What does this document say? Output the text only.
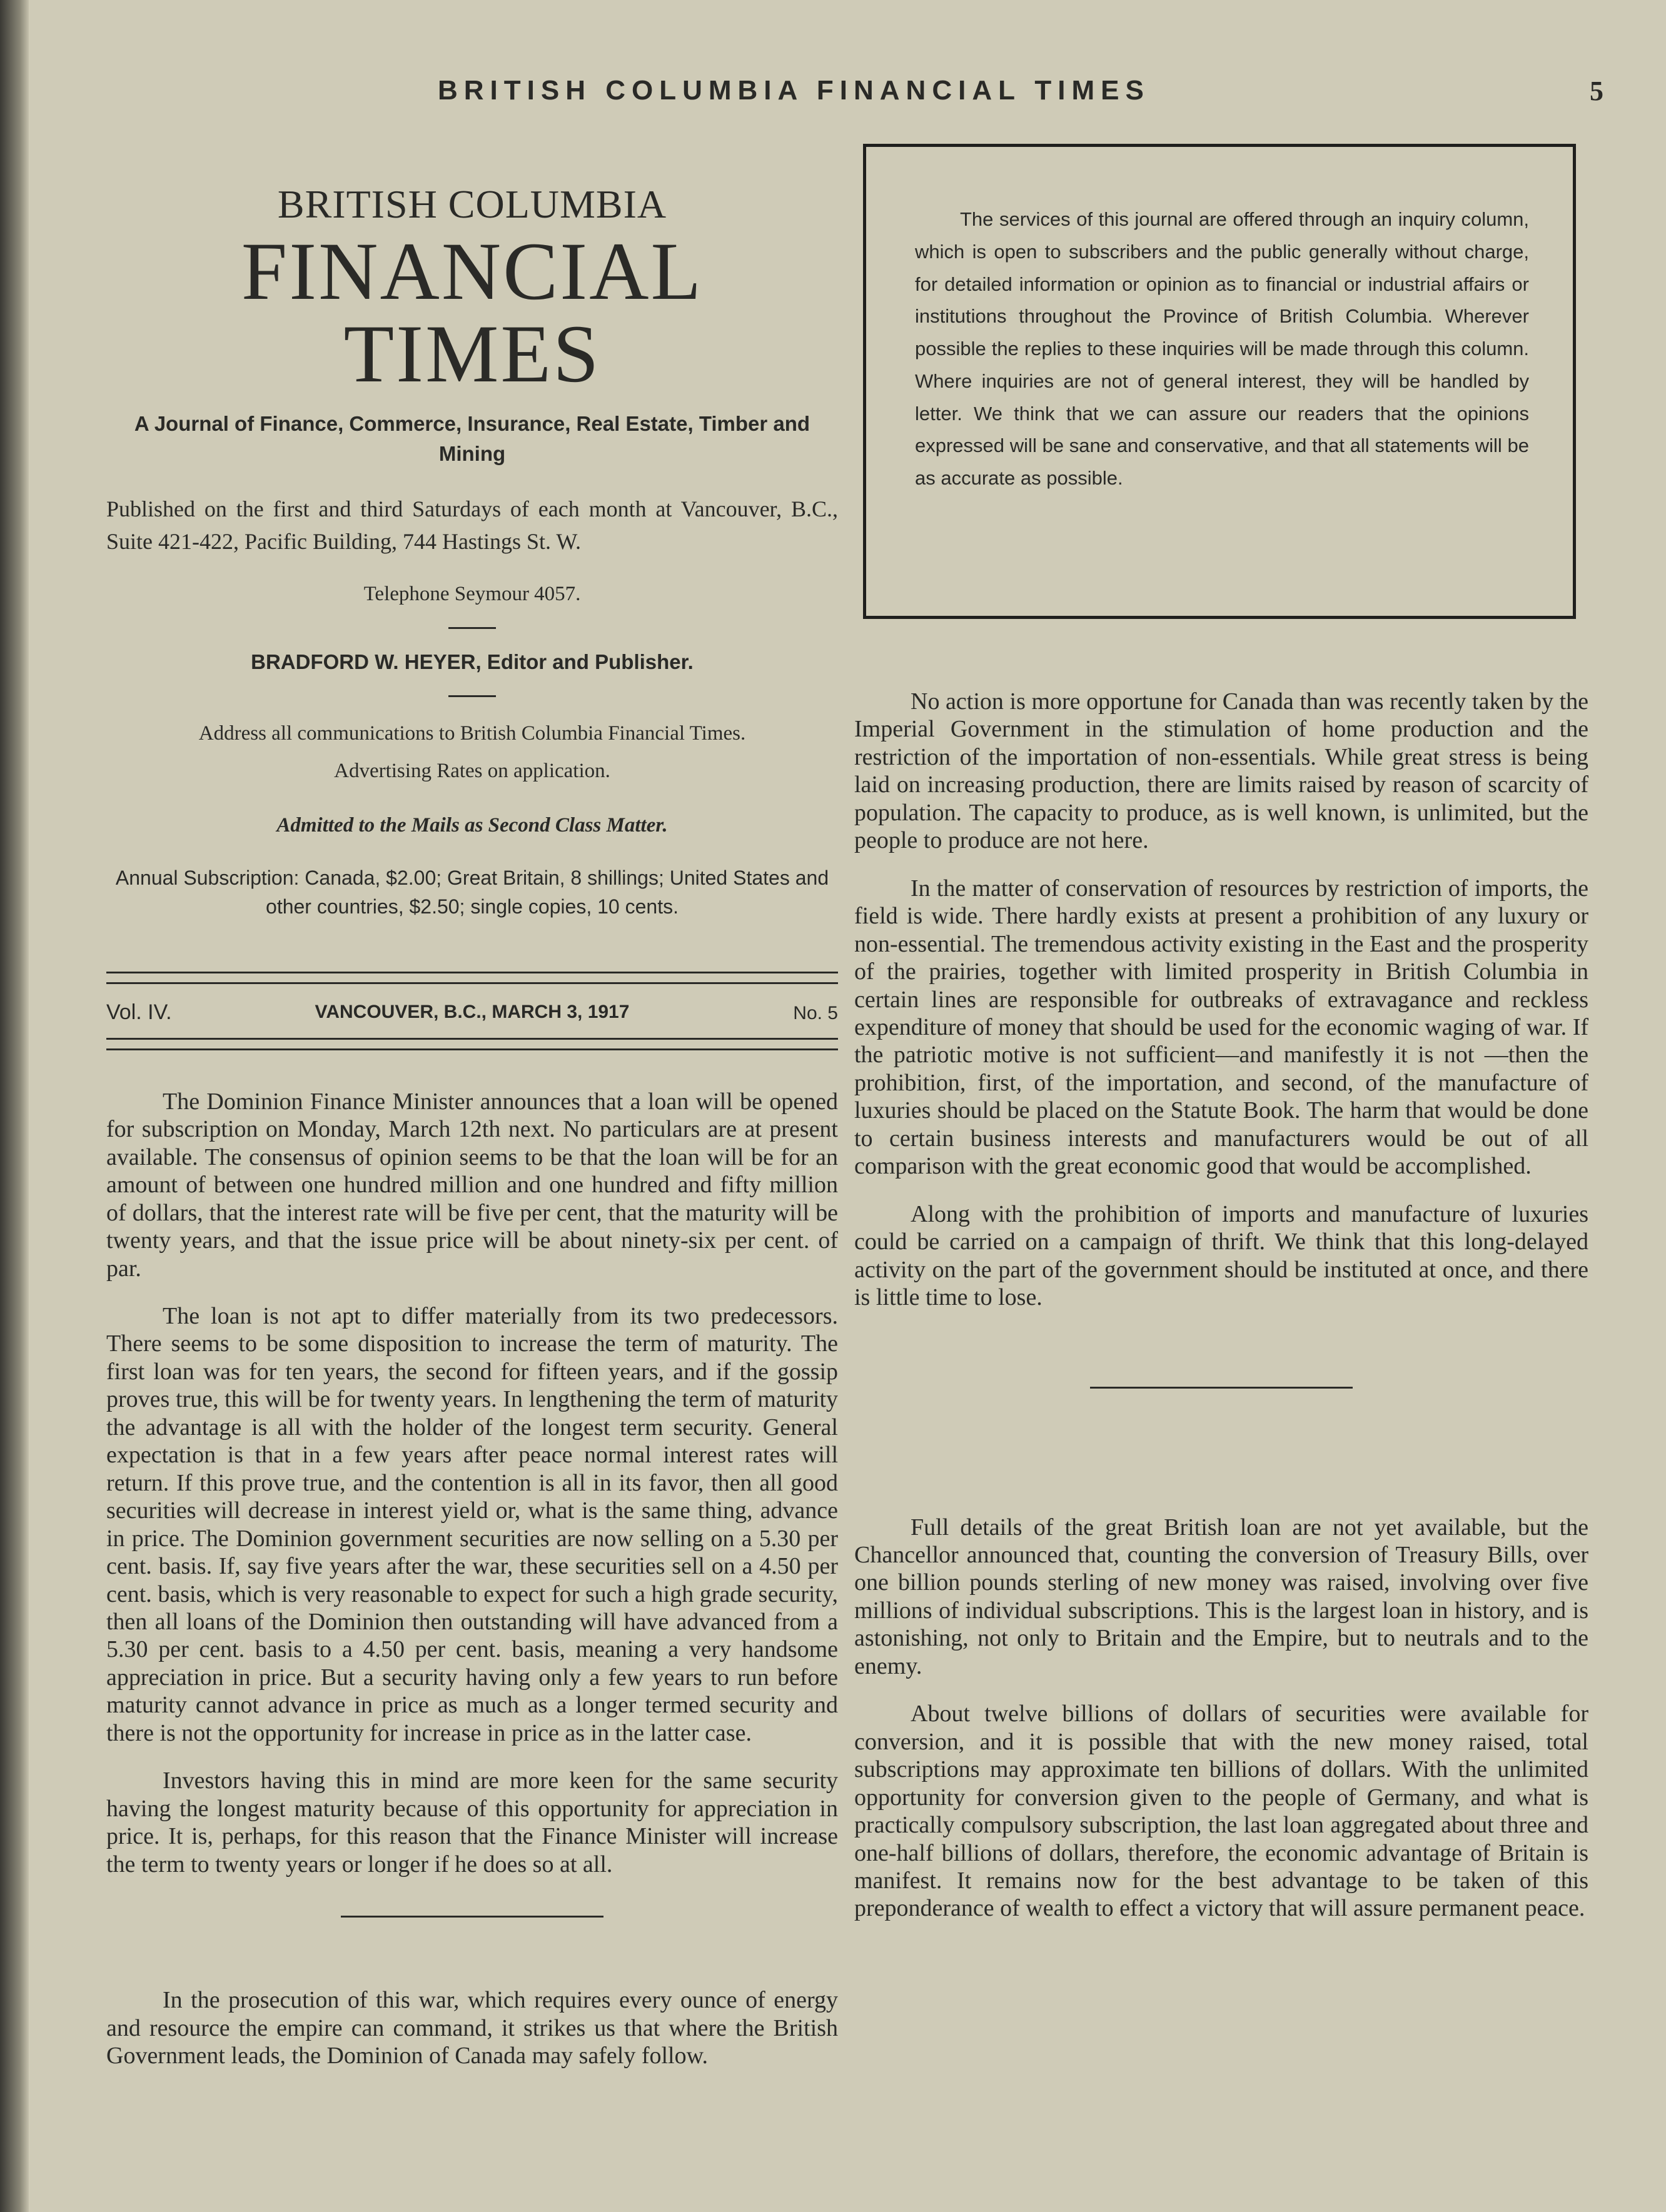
BRITISH COLUMBIA FINANCIAL TIMES	5
BRITISH COLUMBIA
FINANCIAL TIMES
A Journal of Finance, Commerce, Insurance, Real Estate, Timber and Mining
Published on the first and third Saturdays of each month at Vancouver, B.C., Suite 421-422, Pacific Building, 744 Hastings St. W.
Telephone Seymour 4057.
BRADFORD W. HEYER, Editor and Publisher.
Address all communications to British Columbia Financial Times.
Advertising Rates on application.
Admitted to the Mails as Second Class Matter.
Annual Subscription: Canada, $2.00; Great Britain, 8 shillings; United States and other countries, $2.50; single copies, 10 cents.
Vol. IV.	VANCOUVER, B.C., MARCH 3, 1917	No. 5

The Dominion Finance Minister announces that a loan will be opened for subscription on Monday, March 12th next. No particulars are at present available. The consensus of opinion seems to be that the loan will be for an amount of between one hundred million and one hundred and fifty million of dollars, that the interest rate will be five per cent, that the maturity will be twenty years, and that the issue price will be about ninety-six per cent. of par.

The loan is not apt to differ materially from its two predecessors. There seems to be some disposition to increase the term of maturity. The first loan was for ten years, the second for fifteen years, and if the gossip proves true, this will be for twenty years. In lengthening the term of maturity the advantage is all with the holder of the longest term security. General expectation is that in a few years after peace normal interest rates will return. If this prove true, and the contention is all in its favor, then all good securities will decrease in interest yield or, what is the same thing, advance in price. The Dominion government securities are now selling on a 5.30 per cent. basis. If, say five years after the war, these securities sell on a 4.50 per cent. basis, which is very reasonable to expect for such a high grade security, then all loans of the Dominion then outstanding will have advanced from a 5.30 per cent. basis to a 4.50 per cent. basis, meaning a very handsome appreciation in price. But a security having only a few years to run before maturity cannot advance in price as much as a longer termed security and there is not the opportunity for increase in price as in the latter case.

Investors having this in mind are more keen for the same security having the longest maturity because of this opportunity for appreciation in price. It is, perhaps, for this reason that the Finance Minister will increase the term to twenty years or longer if he does so at all.

In the prosecution of this war, which requires every ounce of energy and resource the empire can command, it strikes us that where the British Government leads, the Dominion of Canada may safely follow.

The services of this journal are offered through an inquiry column, which is open to subscribers and the public generally without charge, for detailed information or opinion as to financial or industrial affairs or institutions throughout the Province of British Columbia. Wherever possible the replies to these inquiries will be made through this column. Where inquiries are not of general interest, they will be handled by letter. We think that we can assure our readers that the opinions expressed will be sane and conservative, and that all statements will be as accurate as possible.

No action is more opportune for Canada than was recently taken by the Imperial Government in the stimulation of home production and the restriction of the importation of non-essentials. While great stress is being laid on increasing production, there are limits raised by reason of scarcity of population. The capacity to produce, as is well known, is unlimited, but the people to produce are not here.

In the matter of conservation of resources by restriction of imports, the field is wide. There hardly exists at present a prohibition of any luxury or non-essential. The tremendous activity existing in the East and the prosperity of the prairies, together with limited prosperity in British Columbia in certain lines are responsible for outbreaks of extravagance and reckless expenditure of money that should be used for the economic waging of war. If the patriotic motive is not sufficient—and manifestly it is not —then the prohibition, first, of the importation, and second, of the manufacture of luxuries should be placed on the Statute Book. The harm that would be done to certain business interests and manufacturers would be out of all comparison with the great economic good that would be accomplished.

Along with the prohibition of imports and manufacture of luxuries could be carried on a campaign of thrift. We think that this long-delayed activity on the part of the government should be instituted at once, and there is little time to lose.

Full details of the great British loan are not yet available, but the Chancellor announced that, counting the conversion of Treasury Bills, over one billion pounds sterling of new money was raised, involving over five millions of individual subscriptions. This is the largest loan in history, and is astonishing, not only to Britain and the Empire, but to neutrals and to the enemy.

About twelve billions of dollars of securities were available for conversion, and it is possible that with the new money raised, total subscriptions may approximate ten billions of dollars. With the unlimited opportunity for conversion given to the people of Germany, and what is practically compulsory subscription, the last loan aggregated about three and one-half billions of dollars, therefore, the economic advantage of Britain is manifest. It remains now for the best advantage to be taken of this preponderance of wealth to effect a victory that will assure permanent peace.
